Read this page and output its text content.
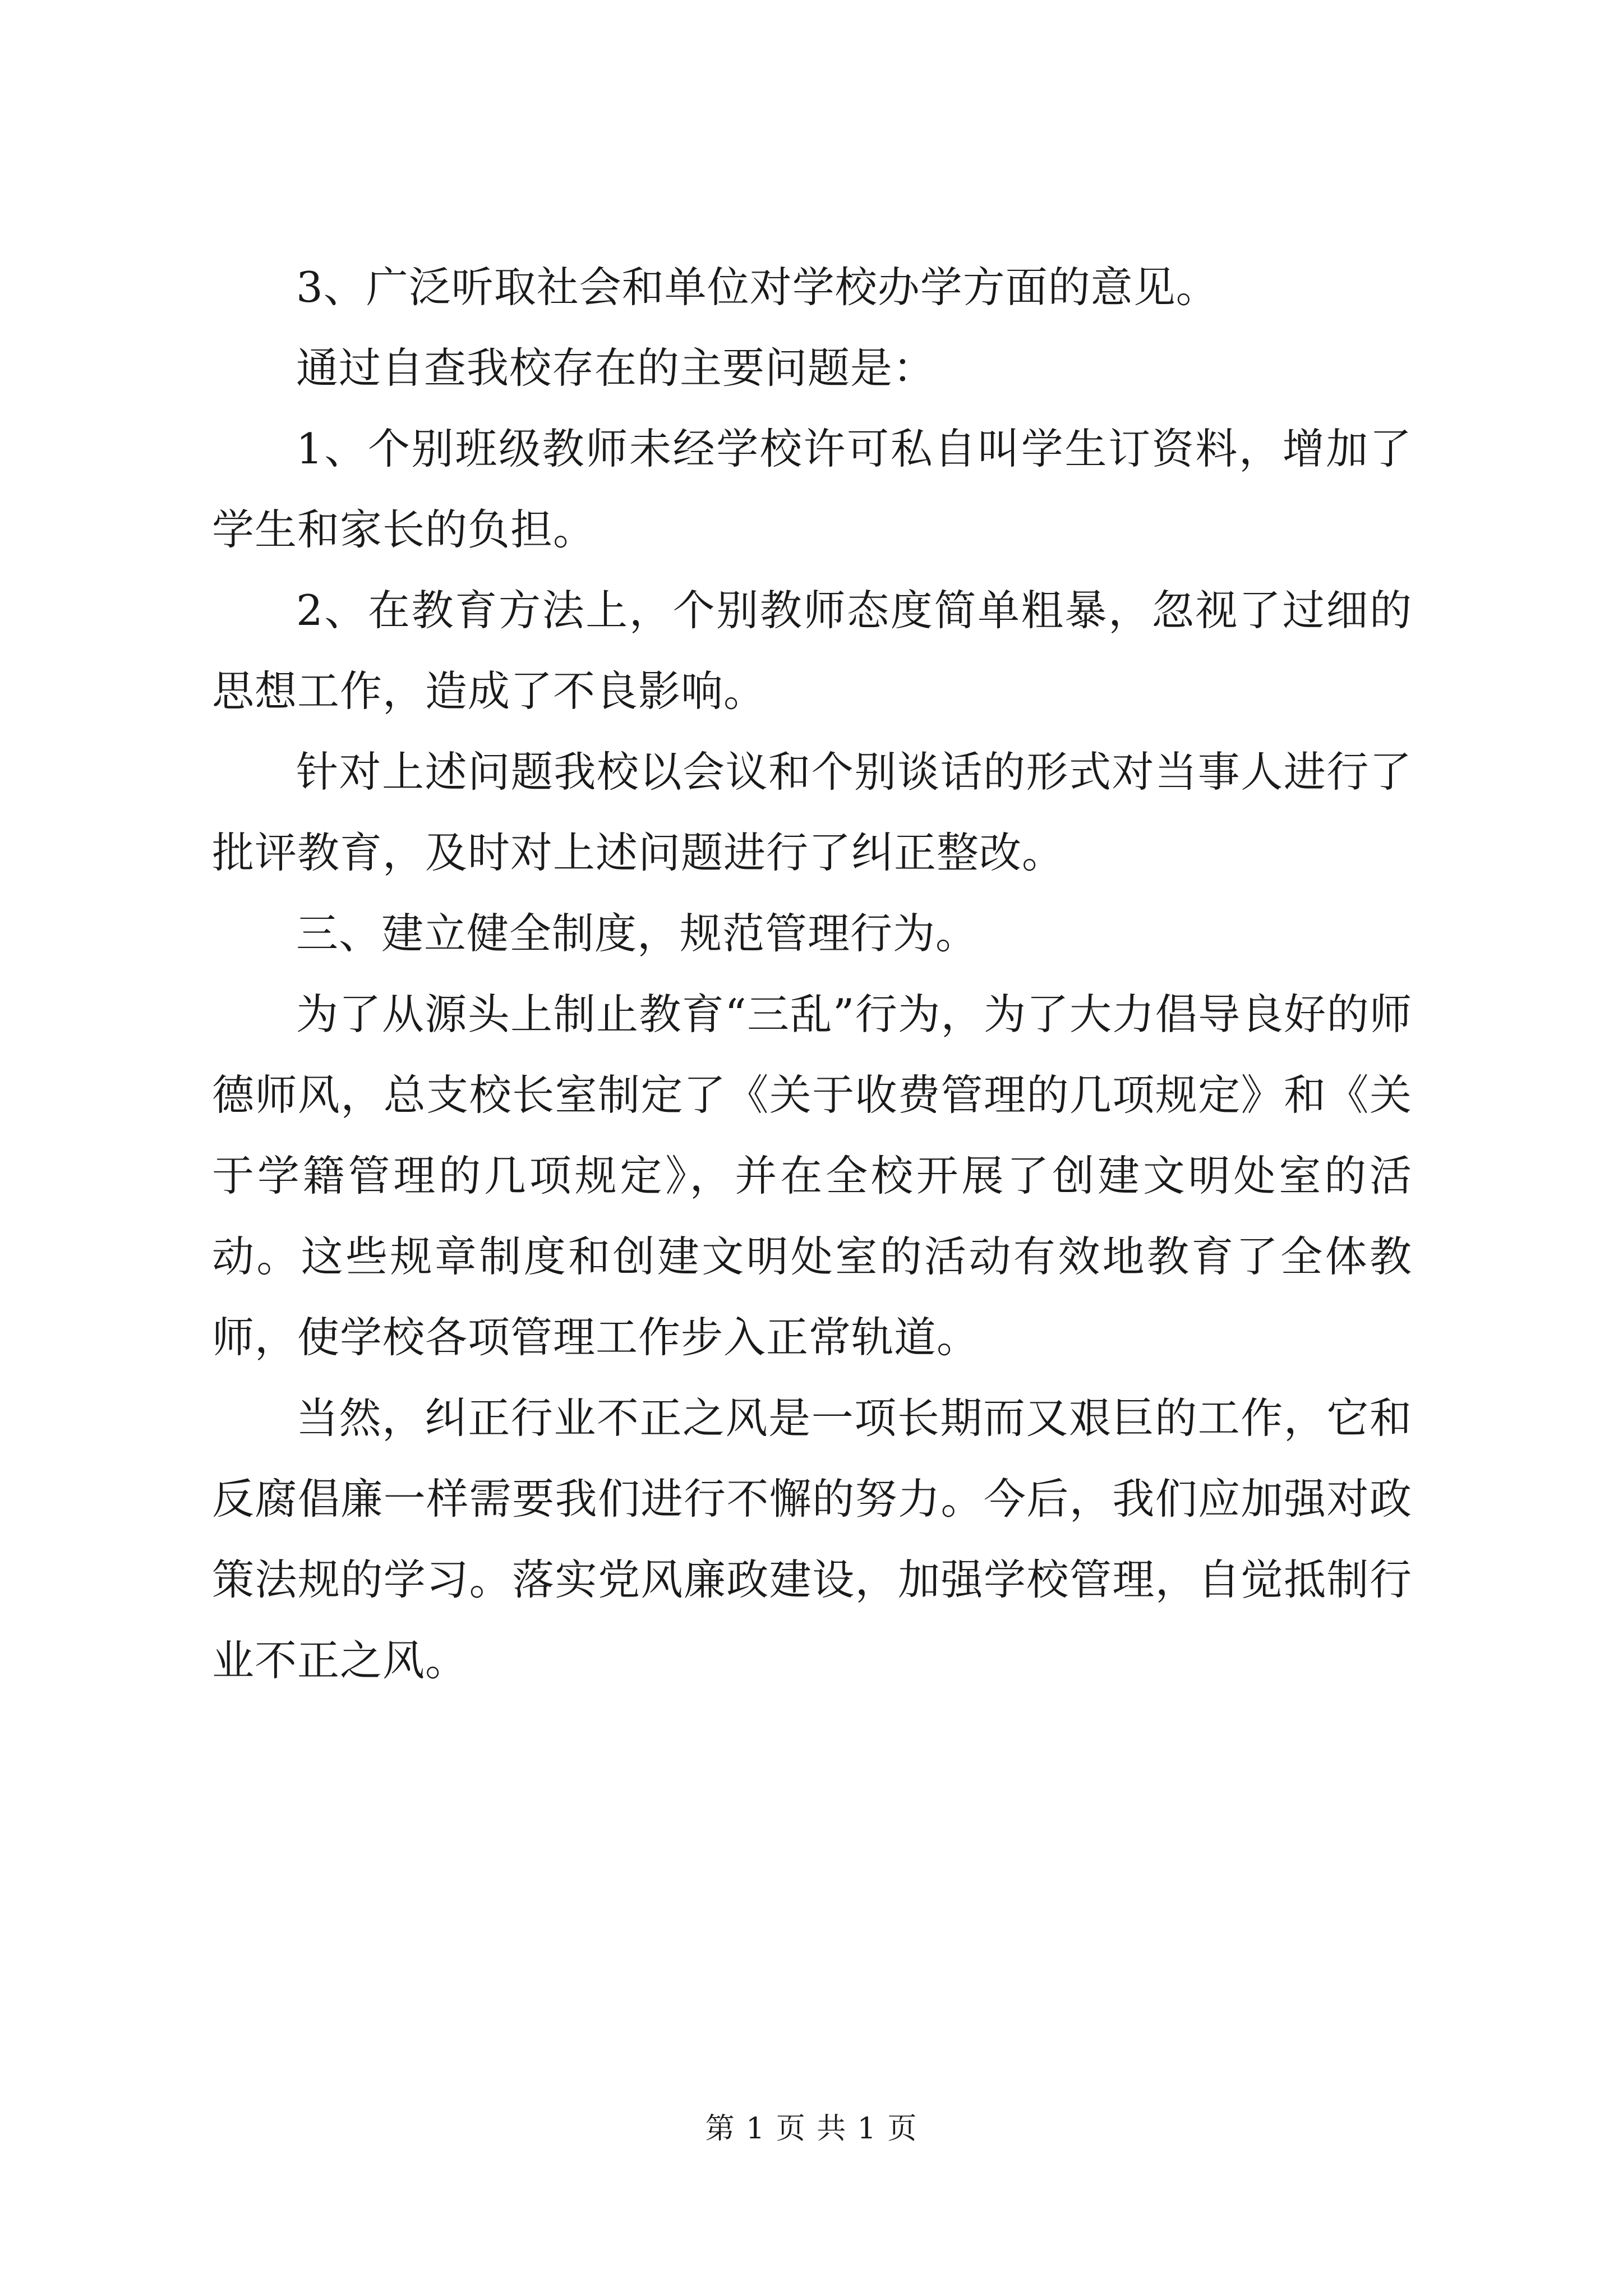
3、广泛听取社会和单位对学校办学方面的意见。

通过自查我校存在的主要问题是：

1、个别班级教师未经学校许可私自叫学生订资料，增加了学生和家长的负担。

2、在教育方法上，个别教师态度简单粗暴，忽视了过细的思想工作，造成了不良影响。

针对上述问题我校以会议和个别谈话的形式对当事人进行了批评教育，及时对上述问题进行了纠正整改。

三、建立健全制度，规范管理行为。

为了从源头上制止教育“三乱”行为，为了大力倡导良好的师德师风，总支校长室制定了《关于收费管理的几项规定》和《关于学籍管理的几项规定》，并在全校开展了创建文明处室的活动。这些规章制度和创建文明处室的活动有效地教育了全体教师，使学校各项管理工作步入正常轨道。

当然，纠正行业不正之风是一项长期而又艰巨的工作，它和反腐倡廉一样需要我们进行不懈的努力。今后，我们应加强对政策法规的学习。落实党风廉政建设，加强学校管理，自觉抵制行业不正之风。

第 1 页 共 1 页
